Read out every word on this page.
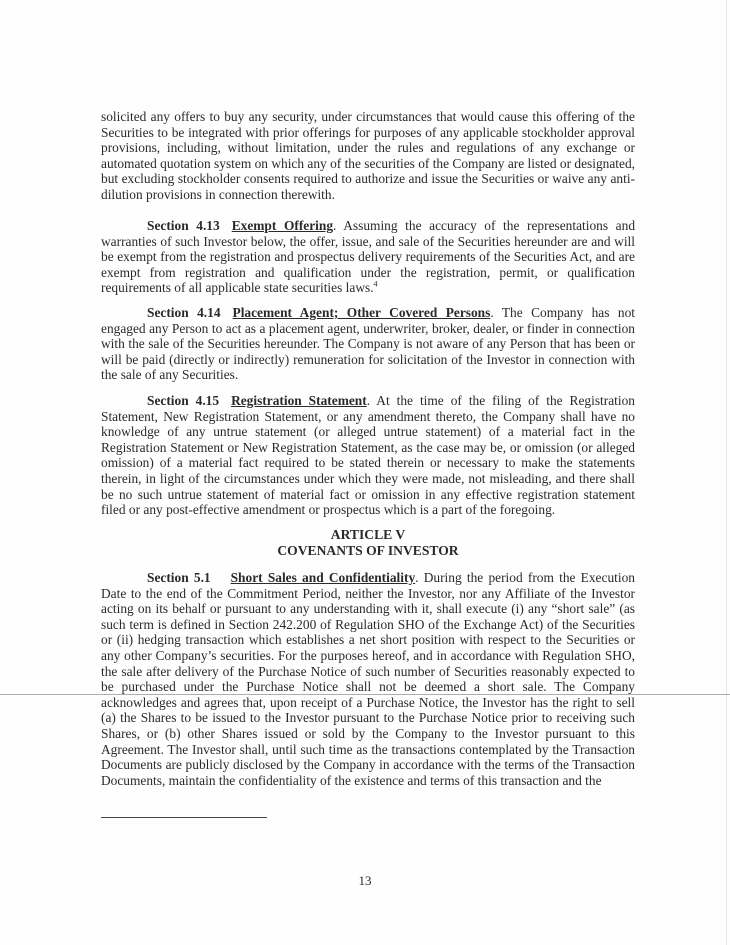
solicited any offers to buy any security, under circumstances that would cause this offering of the Securities to be integrated with prior offerings for purposes of any applicable stockholder approval provisions, including, without limitation, under the rules and regulations of any exchange or automated quotation system on which any of the securities of the Company are listed or designated, but excluding stockholder consents required to authorize and issue the Securities or waive any anti-dilution provisions in connection therewith.

Section 4.13 Exempt Offering. Assuming the accuracy of the representations and warranties of such Investor below, the offer, issue, and sale of the Securities hereunder are and will be exempt from the registration and prospectus delivery requirements of the Securities Act, and are exempt from registration and qualification under the registration, permit, or qualification requirements of all applicable state securities laws.$^4$

Section 4.14 Placement Agent; Other Covered Persons. The Company has not engaged any Person to act as a placement agent, underwriter, broker, dealer, or finder in connection with the sale of the Securities hereunder. The Company is not aware of any Person that has been or will be paid (directly or indirectly) remuneration for solicitation of the Investor in connection with the sale of any Securities.

Section 4.15 Registration Statement. At the time of the filing of the Registration Statement, New Registration Statement, or any amendment thereto, the Company shall have no knowledge of any untrue statement (or alleged untrue statement) of a material fact in the Registration Statement or New Registration Statement, as the case may be, or omission (or alleged omission) of a material fact required to be stated therein or necessary to make the statements therein, in light of the circumstances under which they were made, not misleading, and there shall be no such untrue statement of material fact or omission in any effective registration statement filed or any post-effective amendment or prospectus which is a part of the foregoing.

ARTICLE V
COVENANTS OF INVESTOR

Section 5.1 Short Sales and Confidentiality. During the period from the Execution Date to the end of the Commitment Period, neither the Investor, nor any Affiliate of the Investor acting on its behalf or pursuant to any understanding with it, shall execute (i) any “short sale” (as such term is defined in Section 242.200 of Regulation SHO of the Exchange Act) of the Securities or (ii) hedging transaction which establishes a net short position with respect to the Securities or any other Company’s securities. For the purposes hereof, and in accordance with Regulation SHO, the sale after delivery of the Purchase Notice of such number of Securities reasonably expected to be purchased under the Purchase Notice shall not be deemed a short sale. The Company acknowledges and agrees that, upon receipt of a Purchase Notice, the Investor has the right to sell (a) the Shares to be issued to the Investor pursuant to the Purchase Notice prior to receiving such Shares, or (b) other Shares issued or sold by the Company to the Investor pursuant to this Agreement. The Investor shall, until such time as the transactions contemplated by the Transaction Documents are publicly disclosed by the Company in accordance with the terms of the Transaction Documents, maintain the confidentiality of the existence and terms of this transaction and the

13
